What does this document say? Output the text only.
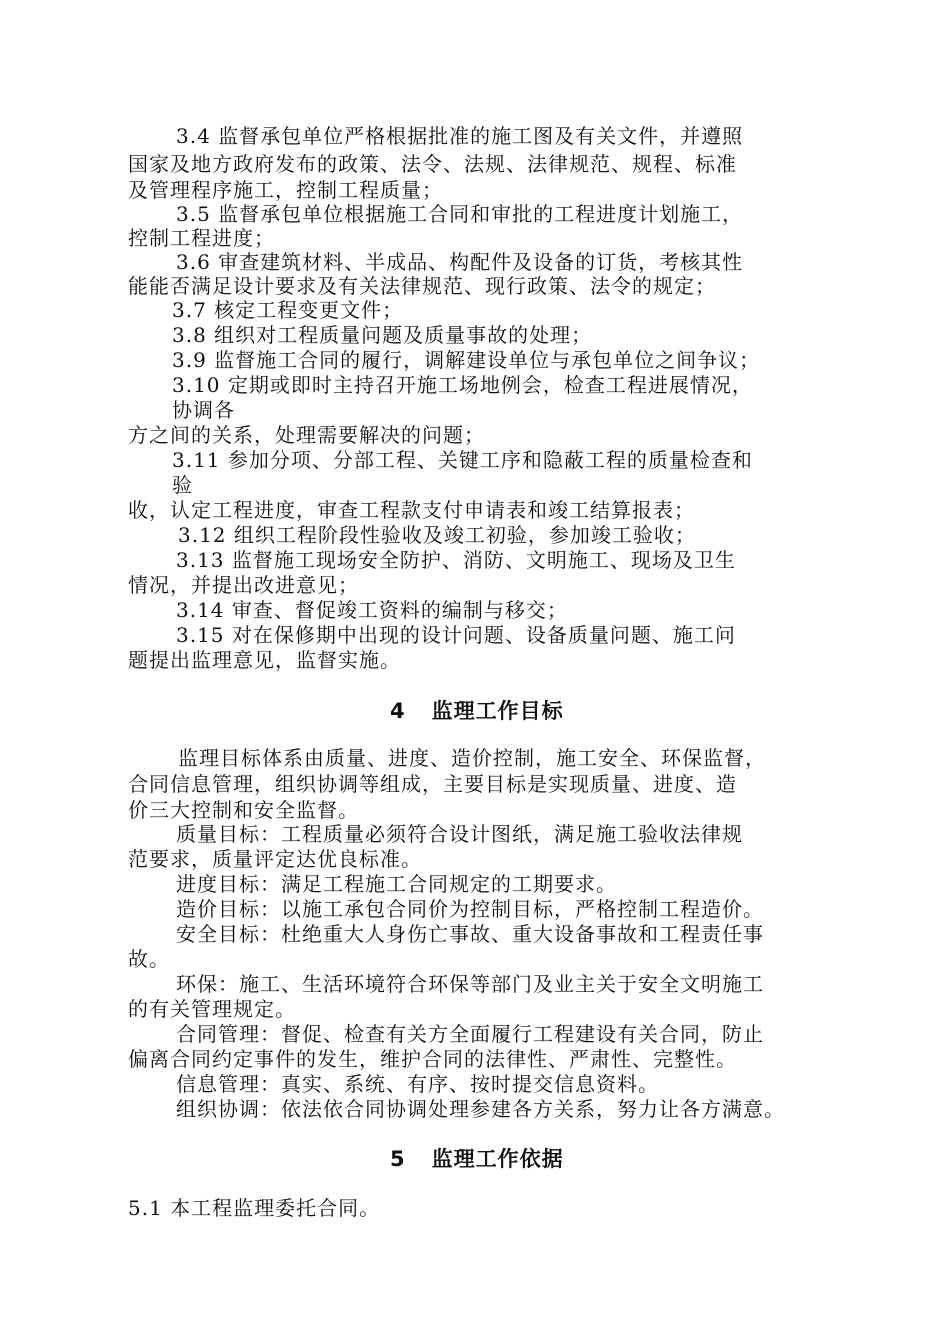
3.4 监督承包单位严格根据批准的施工图及有关文件，并遵照
国家及地方政府发布的政策、法令、法规、法律规范、规程、标准
及管理程序施工，控制工程质量；
3.5 监督承包单位根据施工合同和审批的工程进度计划施工，
控制工程进度；
3.6 审查建筑材料、半成品、构配件及设备的订货，考核其性
能能否满足设计要求及有关法律规范、现行政策、法令的规定；
3.7 核定工程变更文件；
3.8 组织对工程质量问题及质量事故的处理；
3.9 监督施工合同的履行，调解建设单位与承包单位之间争议；
3.10 定期或即时主持召开施工场地例会，检查工程进展情况，
协调各
方之间的关系，处理需要解决的问题；
3.11 参加分项、分部工程、关键工序和隐蔽工程的质量检查和
验
收，认定工程进度，审查工程款支付申请表和竣工结算报表；
3.12 组织工程阶段性验收及竣工初验，参加竣工验收；
3.13 监督施工现场安全防护、消防、文明施工、现场及卫生
情况，并提出改进意见；
3.14 审查、督促竣工资料的编制与移交；
3.15 对在保修期中出现的设计问题、设备质量问题、施工问
题提出监理意见，监督实施。
4 监理工作目标
监理目标体系由质量、进度、造价控制，施工安全、环保监督，
合同信息管理，组织协调等组成，主要目标是实现质量、进度、造
价三大控制和安全监督。
质量目标：工程质量必须符合设计图纸，满足施工验收法律规
范要求，质量评定达优良标准。
进度目标：满足工程施工合同规定的工期要求。
造价目标：以施工承包合同价为控制目标，严格控制工程造价。
安全目标：杜绝重大人身伤亡事故、重大设备事故和工程责任事
故。
环保：施工、生活环境符合环保等部门及业主关于安全文明施工
的有关管理规定。
合同管理：督促、检查有关方全面履行工程建设有关合同，防止
偏离合同约定事件的发生，维护合同的法律性、严肃性、完整性。
信息管理：真实、系统、有序、按时提交信息资料。
组织协调：依法依合同协调处理参建各方关系，努力让各方满意。
5 监理工作依据
5.1 本工程监理委托合同。
